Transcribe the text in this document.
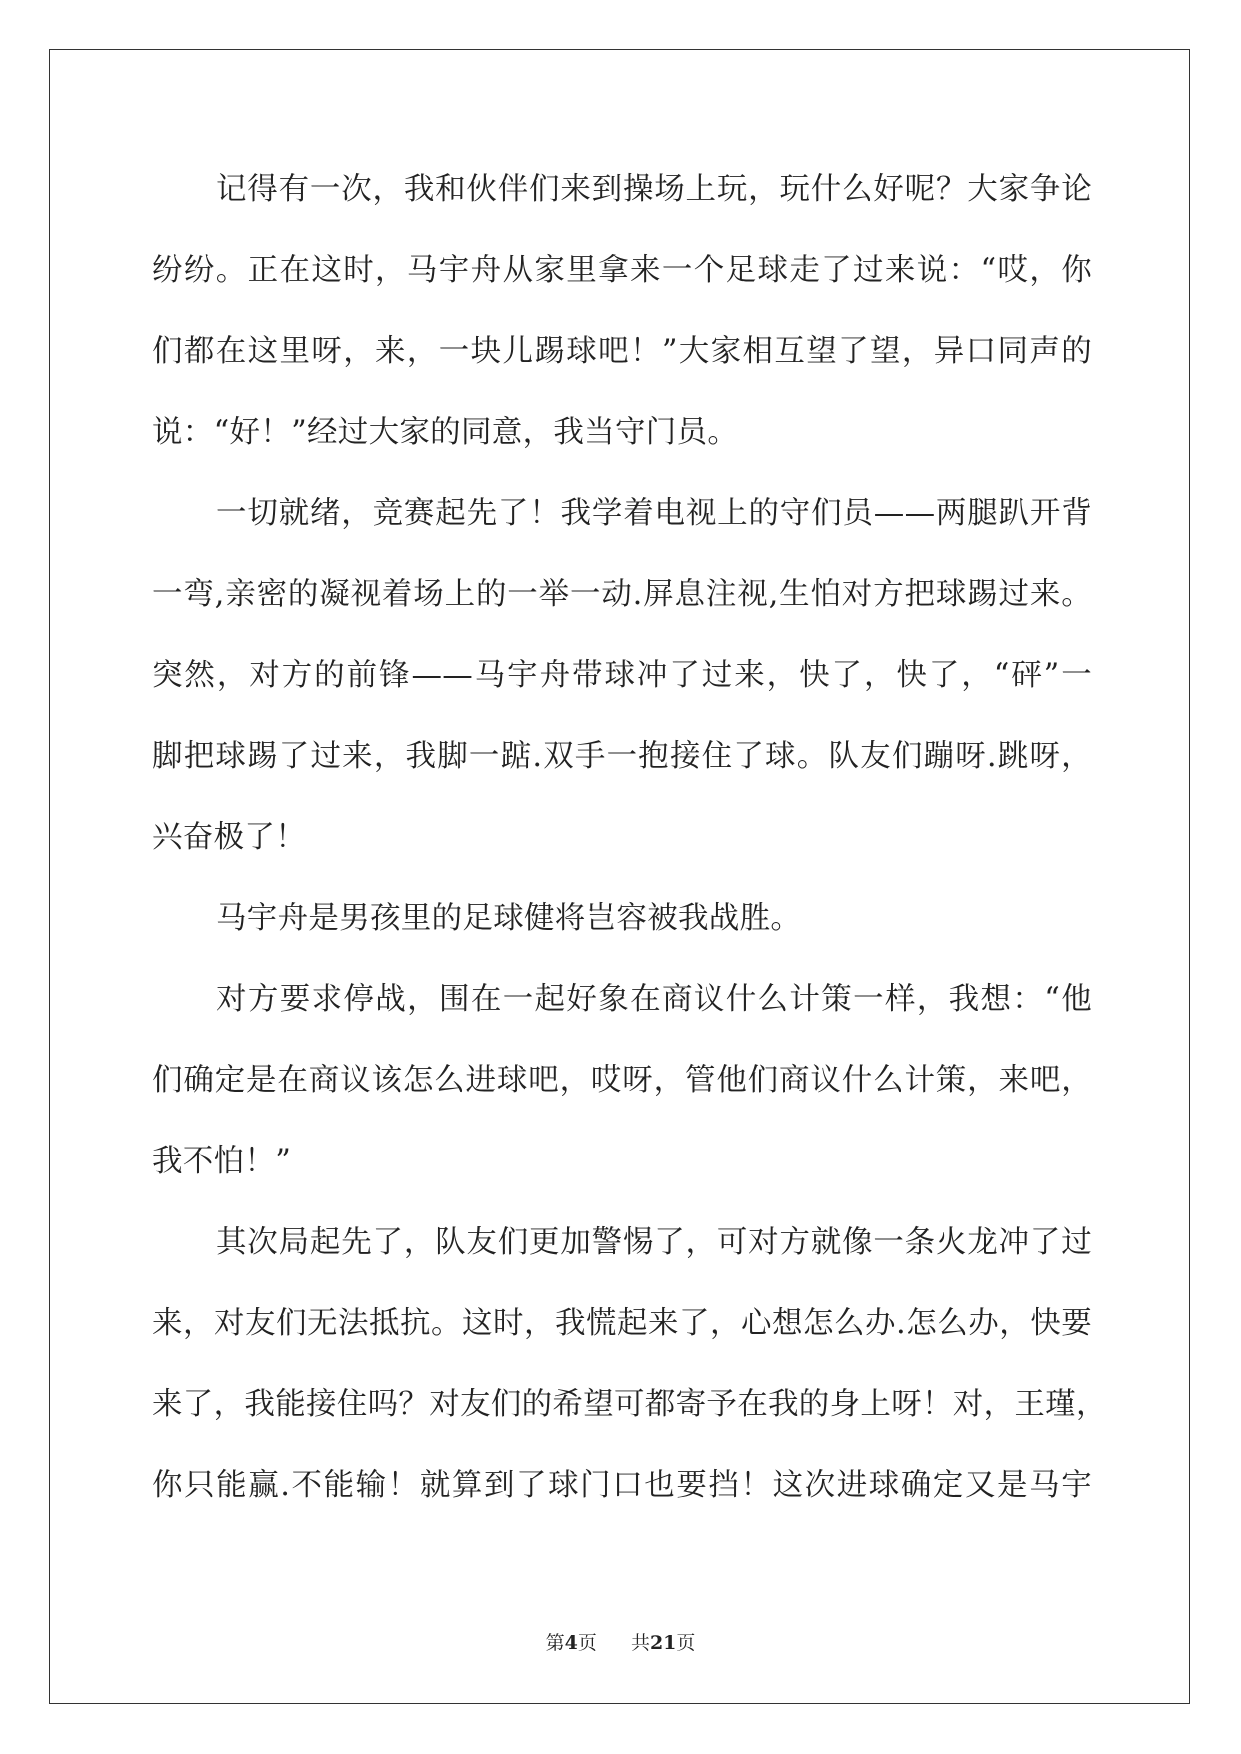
记得有一次，我和伙伴们来到操场上玩，玩什么好呢？大家争论
纷纷。正在这时，马宇舟从家里拿来一个足球走了过来说：“哎，你
们都在这里呀，来，一块儿踢球吧！”大家相互望了望，异口同声的
说：“好！”经过大家的同意，我当守门员。
一切就绪，竞赛起先了！我学着电视上的守们员——两腿趴开背
一弯,亲密的凝视着场上的一举一动.屏息注视,生怕对方把球踢过来。
突然，对方的前锋——马宇舟带球冲了过来，快了，快了，“砰”一
脚把球踢了过来，我脚一踮.双手一抱接住了球。队友们蹦呀.跳呀，
兴奋极了！
马宇舟是男孩里的足球健将岂容被我战胜。
对方要求停战，围在一起好象在商议什么计策一样，我想：“他
们确定是在商议该怎么进球吧，哎呀，管他们商议什么计策，来吧，
我不怕！”
其次局起先了，队友们更加警惕了，可对方就像一条火龙冲了过
来，对友们无法抵抗。这时，我慌起来了，心想怎么办.怎么办，快要
来了，我能接住吗？对友们的希望可都寄予在我的身上呀！对，王瑾，
你只能赢.不能输！就算到了球门口也要挡！这次进球确定又是马宇
第4页 共21页
